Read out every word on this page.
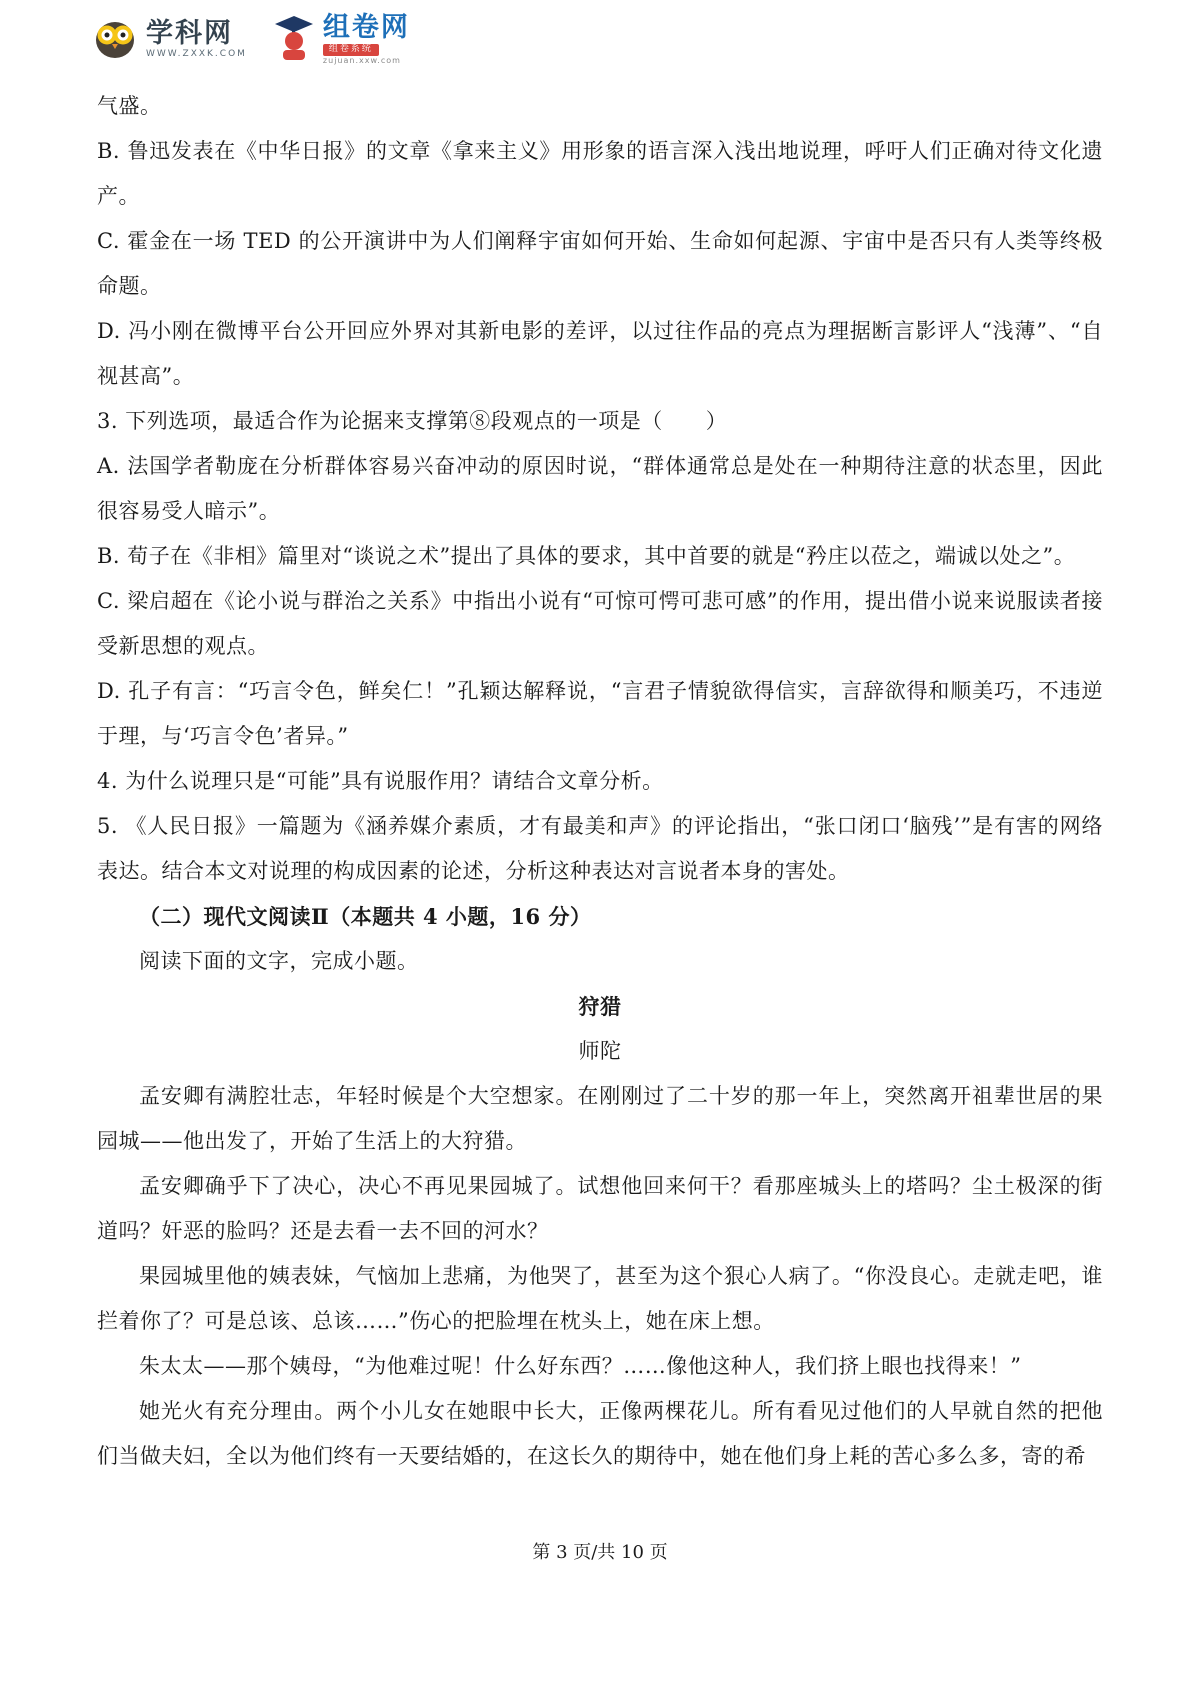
学科网
WWW.ZXXK.COM
组卷网
组卷系统
zujuan.xxw.com

气盛。

B. 鲁迅发表在《中华日报》的文章《拿来主义》用形象的语言深入浅出地说理，呼吁人们正确对待文化遗产。

C. 霍金在一场 TED 的公开演讲中为人们阐释宇宙如何开始、生命如何起源、宇宙中是否只有人类等终极命题。

D. 冯小刚在微博平台公开回应外界对其新电影的差评，以过往作品的亮点为理据断言影评人“浅薄”、“自视甚高”。

3. 下列选项，最适合作为论据来支撑第⑧段观点的一项是（　　）

A. 法国学者勒庞在分析群体容易兴奋冲动的原因时说，“群体通常总是处在一种期待注意的状态里，因此很容易受人暗示”。

B. 荀子在《非相》篇里对“谈说之术”提出了具体的要求，其中首要的就是“矜庄以莅之，端诚以处之”。

C. 梁启超在《论小说与群治之关系》中指出小说有“可惊可愕可悲可感”的作用，提出借小说来说服读者接受新思想的观点。

D. 孔子有言：“巧言令色，鲜矣仁！”孔颖达解释说，“言君子情貌欲得信实，言辞欲得和顺美巧，不违逆于理，与‘巧言令色’者异。”

4. 为什么说理只是“可能”具有说服作用？请结合文章分析。

5. 《人民日报》一篇题为《涵养媒介素质，才有最美和声》的评论指出，“张口闭口‘脑残’”是有害的网络表达。结合本文对说理的构成因素的论述，分析这种表达对言说者本身的害处。

（二）现代文阅读Ⅱ（本题共 4 小题，16 分）

阅读下面的文字，完成小题。

狩猎

师陀

孟安卿有满腔壮志，年轻时候是个大空想家。在刚刚过了二十岁的那一年上，突然离开祖辈世居的果园城——他出发了，开始了生活上的大狩猎。

孟安卿确乎下了决心，决心不再见果园城了。试想他回来何干？看那座城头上的塔吗？尘土极深的街道吗？奸恶的脸吗？还是去看一去不回的河水？

果园城里他的姨表妹，气恼加上悲痛，为他哭了，甚至为这个狠心人病了。“你没良心。走就走吧，谁拦着你了？可是总该、总该……”伤心的把脸埋在枕头上，她在床上想。

朱太太——那个姨母，“为他难过呢！什么好东西？……像他这种人，我们挤上眼也找得来！”

她光火有充分理由。两个小儿女在她眼中长大，正像两棵花儿。所有看见过他们的人早就自然的把他们当做夫妇，全以为他们终有一天要结婚的，在这长久的期待中，她在他们身上耗的苦心多么多，寄的希

第 3 页/共 10 页
